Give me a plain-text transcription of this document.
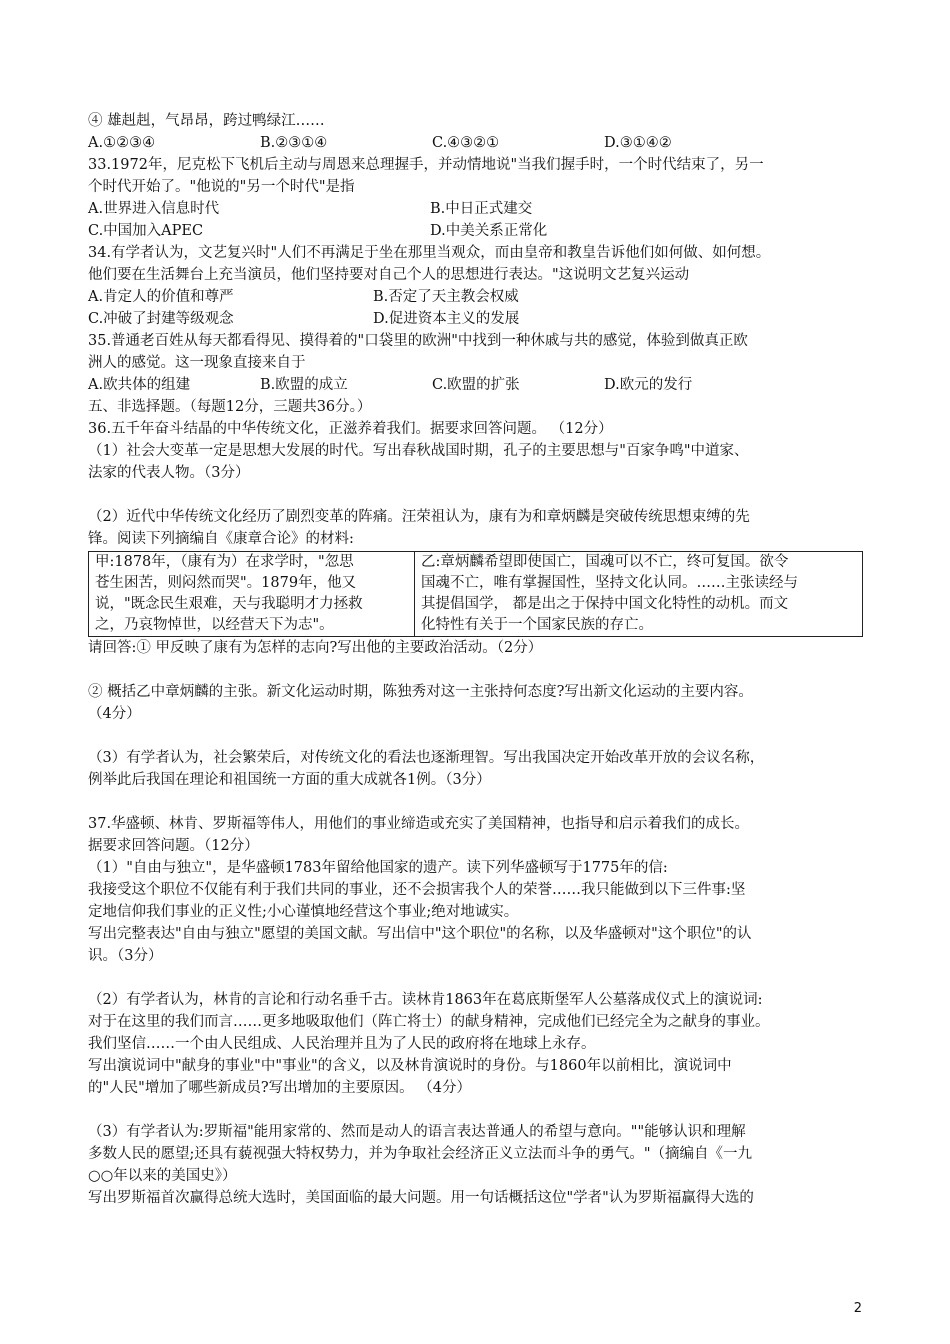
④ 雄赳赳，气昂昂，跨过鸭绿江……
A.①②③④	B.②③①④	C.④③②①	D.③①④②
33.1972年，尼克松下飞机后主动与周恩来总理握手，并动情地说"当我们握手时，一个时代结束了，另一
个时代开始了。"他说的"另一个时代"是指
A.世界进入信息时代	B.中日正式建交
C.中国加入APEC	D.中美关系正常化
34.有学者认为，文艺复兴时"人们不再满足于坐在那里当观众，而由皇帝和教皇告诉他们如何做、如何想。
他们要在生活舞台上充当演员，他们坚持要对自己个人的思想进行表达。"这说明文艺复兴运动
A.肯定人的价值和尊严	B.否定了天主教会权威
C.冲破了封建等级观念	D.促进资本主义的发展
35.普通老百姓从每天都看得见、摸得着的"口袋里的欧洲"中找到一种休戚与共的感觉，体验到做真正欧
洲人的感觉。这一现象直接来自于
A.欧共体的组建	B.欧盟的成立	C.欧盟的扩张	D.欧元的发行
五、非选择题。（每题12分，三题共36分。）
36.五千年奋斗结晶的中华传统文化，正滋养着我们。据要求回答问题。 （12分）
（1）社会大变革一定是思想大发展的时代。写出春秋战国时期，孔子的主要思想与"百家争鸣"中道家、
法家的代表人物。（3分）
（2）近代中华传统文化经历了剧烈变革的阵痛。汪荣祖认为，康有为和章炳麟是突破传统思想束缚的先
锋。阅读下列摘编自《康章合论》的材料:
甲:1878年，（康有为）在求学时，"忽思
苍生困苦，则闷然而哭"。1879年，他又
说，"既念民生艰难，天与我聪明才力拯救
之，乃哀物悼世，以经营天下为志"。	乙:章炳麟希望即使国亡，国魂可以不亡，终可复国。欲令
国魂不亡，唯有掌握国性，坚持文化认同。……主张读经与
其提倡国学， 都是出之于保持中国文化特性的动机。而文
化特性有关于一个国家民族的存亡。
请回答:① 甲反映了康有为怎样的志向?写出他的主要政治活动。（2分）
② 概括乙中章炳麟的主张。新文化运动时期，陈独秀对这一主张持何态度?写出新文化运动的主要内容。
（4分）
（3）有学者认为，社会繁荣后，对传统文化的看法也逐渐理智。写出我国决定开始改革开放的会议名称，
例举此后我国在理论和祖国统一方面的重大成就各1例。（3分）
37.华盛顿、林肯、罗斯福等伟人，用他们的事业缔造或充实了美国精神，也指导和启示着我们的成长。
据要求回答问题。（12分）
（1）"自由与独立"，是华盛顿1783年留给他国家的遗产。读下列华盛顿写于1775年的信:
我接受这个职位不仅能有利于我们共同的事业，还不会损害我个人的荣誉……我只能做到以下三件事:坚
定地信仰我们事业的正义性;小心谨慎地经营这个事业;绝对地诚实。
写出完整表达"自由与独立"愿望的美国文献。写出信中"这个职位"的名称，以及华盛顿对"这个职位"的认
识。（3分）
（2）有学者认为，林肯的言论和行动名垂千古。读林肯1863年在葛底斯堡军人公墓落成仪式上的演说词:
对于在这里的我们而言……更多地吸取他们（阵亡将士）的献身精神，完成他们已经完全为之献身的事业。
我们坚信……一个由人民组成、人民治理并且为了人民的政府将在地球上永存。
写出演说词中"献身的事业"中"事业"的含义，以及林肯演说时的身份。与1860年以前相比，演说词中
的"人民"增加了哪些新成员?写出增加的主要原因。 （4分）
（3）有学者认为:罗斯福"能用家常的、然而是动人的语言表达普通人的希望与意向。""能够认识和理解
多数人民的愿望;还具有藐视强大特权势力，并为争取社会经济正义立法而斗争的勇气。"（摘编自《一九
○○年以来的美国史》）
写出罗斯福首次赢得总统大选时，美国面临的最大问题。用一句话概括这位"学者"认为罗斯福赢得大选的
2
